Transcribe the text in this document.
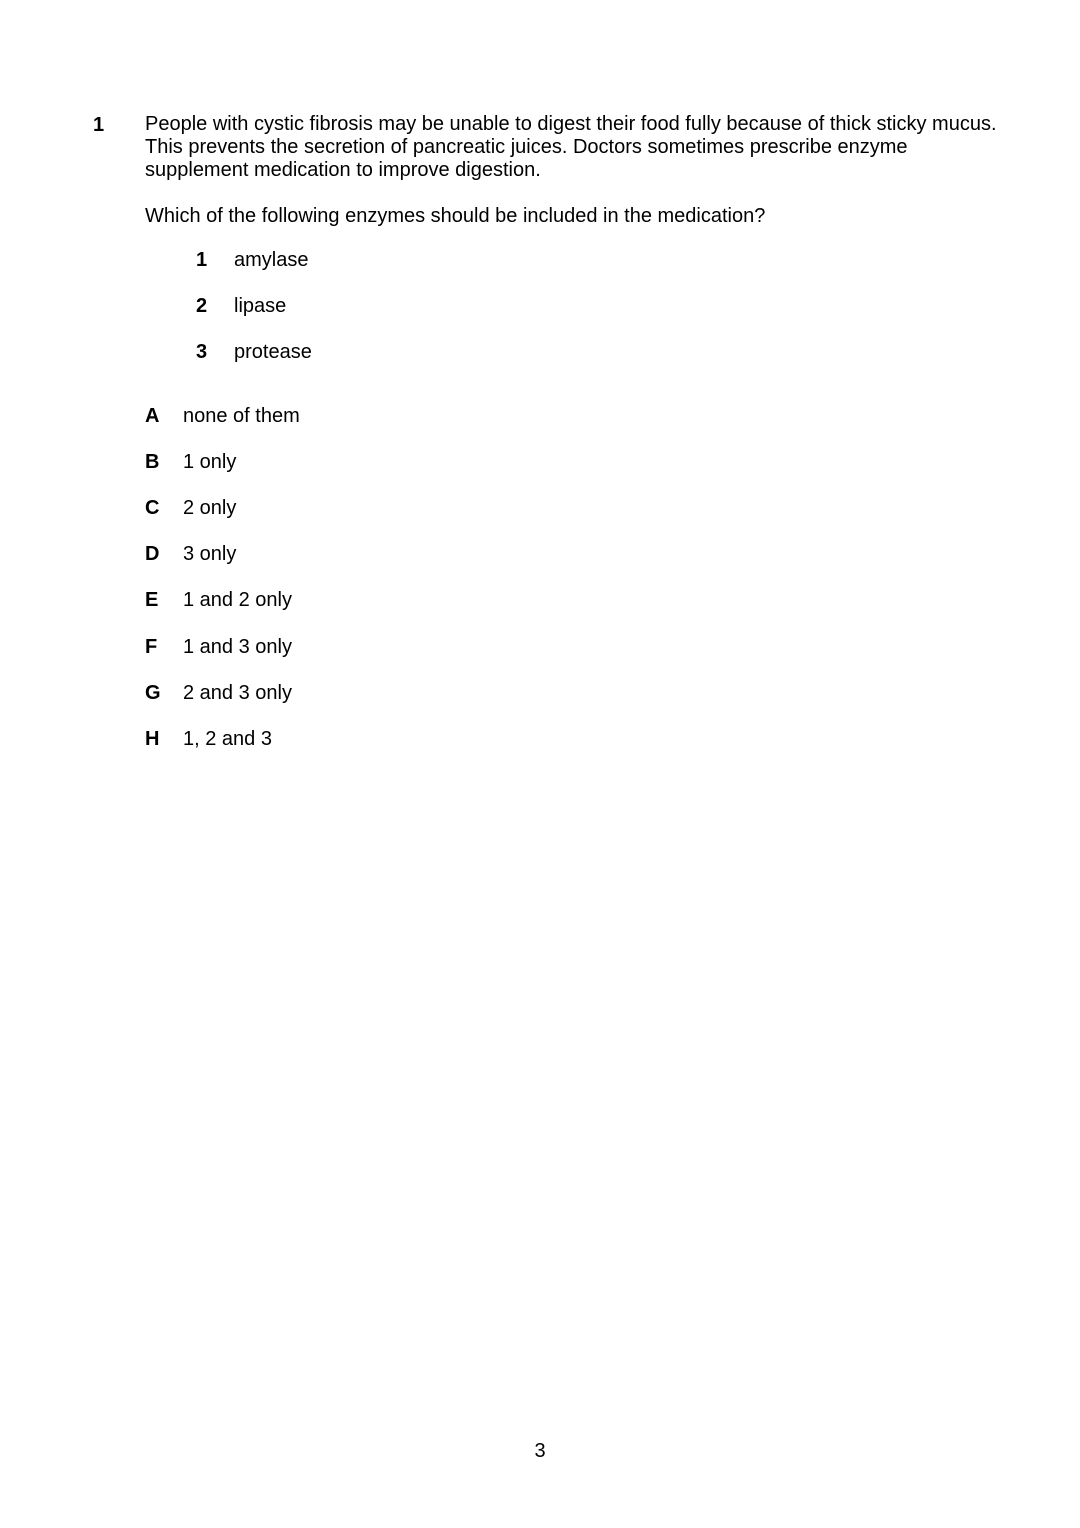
1 People with cystic fibrosis may be unable to digest their food fully because of thick sticky mucus. This prevents the secretion of pancreatic juices. Doctors sometimes prescribe enzyme supplement medication to improve digestion.

Which of the following enzymes should be included in the medication?

1	amylase
2	lipase
3	protease
A	none of them
B	1 only
C	2 only
D	3 only
E	1 and 2 only
F	1 and 3 only
G	2 and 3 only
H	1, 2 and 3
3
